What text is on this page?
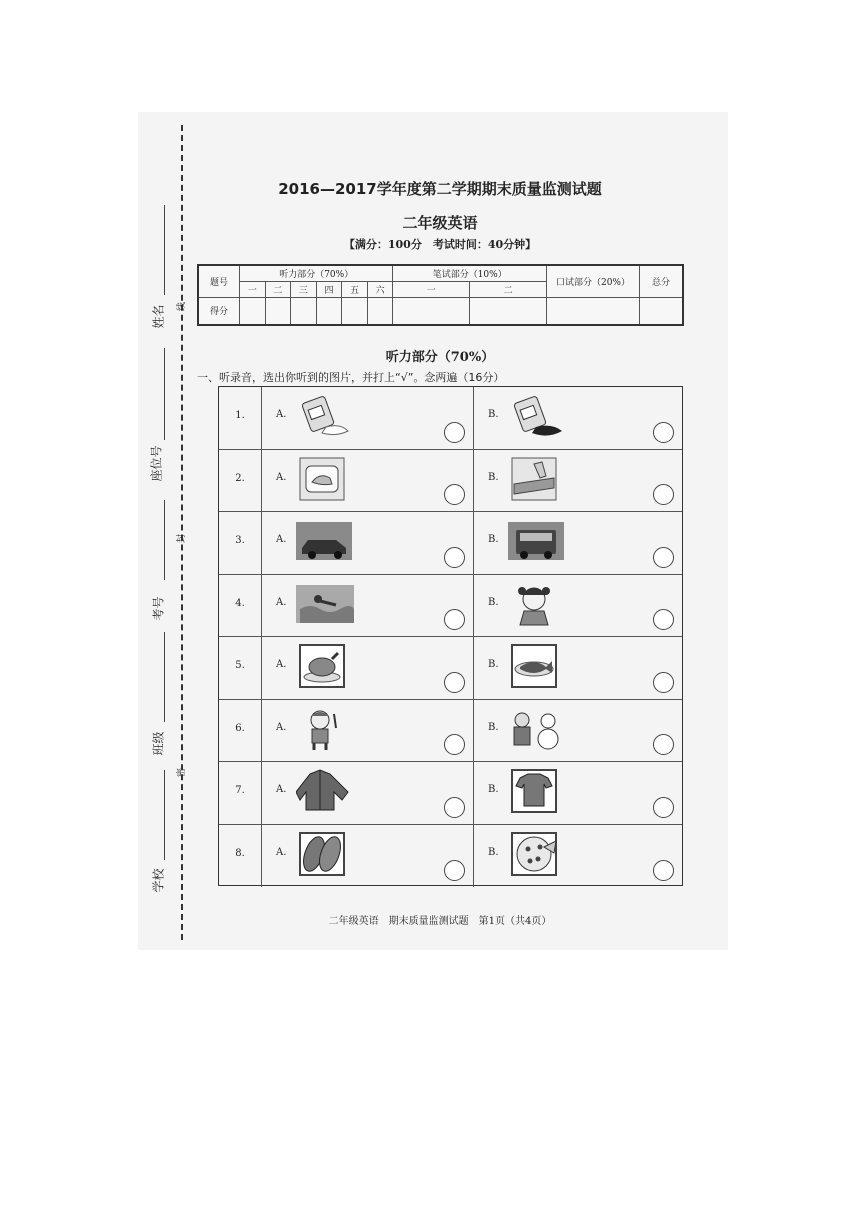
姓名
座位号
考号
班级
学校
线
封
密
2016—2017学年度第二学期期末质量监测试题
二年级英语
【满分：100分　考试时间：40分钟】
题号	听力部分（70%）						笔试部分（10%）		口试部分（20%）	总分
	一	二	三	四	五	六	一	二		
得分										
听力部分（70%）
一、听录音，选出你听到的图片，并打上“√”。念两遍（16分）
1.	A.	B.
2.	A.	B.
3.	A.	B.
4.	A.	B.
5.	A.	B.
6.	A.	B.
7.	A.	B.
8.	A.	B.
二年级英语　期末质量监测试题　第1页（共4页）
